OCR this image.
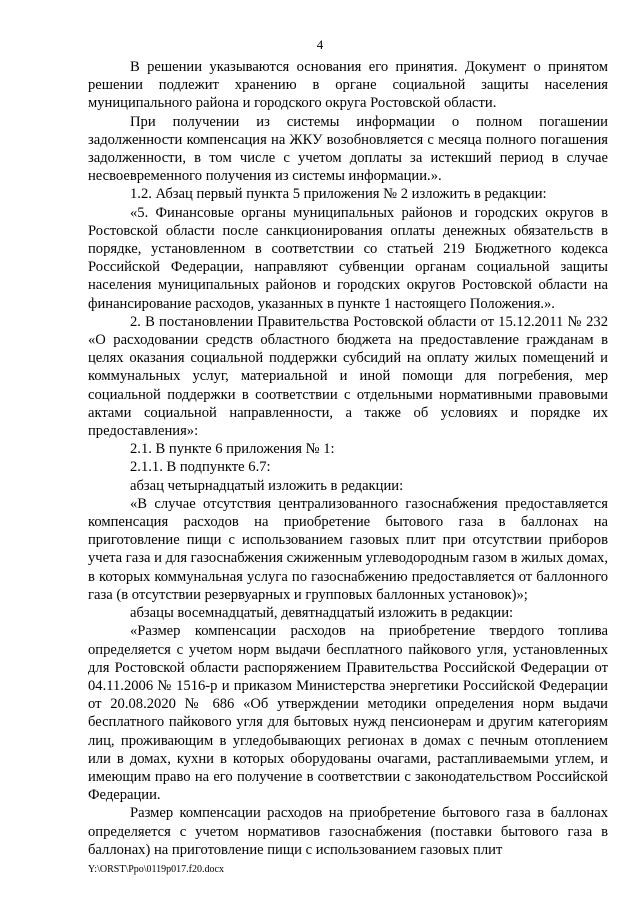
4

В решении указываются основания его принятия. Документ о принятом решении подлежит хранению в органе социальной защиты населения муниципального района и городского округа Ростовской области.

При получении из системы информации о полном погашении задолженности компенсация на ЖКУ возобновляется с месяца полного погашения задолженности, в том числе с учетом доплаты за истекший период в случае несвоевременного получения из системы информации.».

1.2. Абзац первый пункта 5 приложения № 2 изложить в редакции:

«5. Финансовые органы муниципальных районов и городских округов в Ростовской области после санкционирования оплаты денежных обязательств в порядке, установленном в соответствии со статьей 219 Бюджетного кодекса Российской Федерации, направляют субвенции органам социальной защиты населения муниципальных районов и городских округов Ростовской области на финансирование расходов, указанных в пункте 1 настоящего Положения.».

2. В постановлении Правительства Ростовской области от 15.12.2011 № 232 «О расходовании средств областного бюджета на предоставление гражданам в целях оказания социальной поддержки субсидий на оплату жилых помещений и коммунальных услуг, материальной и иной помощи для погребения, мер социальной поддержки в соответствии с отдельными нормативными правовыми актами социальной направленности, а также об условиях и порядке их предоставления»:

2.1. В пункте 6 приложения № 1:

2.1.1. В подпункте 6.7:

абзац четырнадцатый изложить в редакции:

«В случае отсутствия централизованного газоснабжения предоставляется компенсация расходов на приобретение бытового газа в баллонах на приготовление пищи с использованием газовых плит при отсутствии приборов учета газа и для газоснабжения сжиженным углеводородным газом в жилых домах, в которых коммунальная услуга по газоснабжению предоставляется от баллонного газа (в отсутствии резервуарных и групповых баллонных установок)»;

абзацы восемнадцатый, девятнадцатый изложить в редакции:

«Размер компенсации расходов на приобретение твердого топлива определяется с учетом норм выдачи бесплатного пайкового угля, установленных для Ростовской области распоряжением Правительства Российской Федерации от 04.11.2006 № 1516-р и приказом Министерства энергетики Российской Федерации от 20.08.2020 № 686 «Об утверждении методики определения норм выдачи бесплатного пайкового угля для бытовых нужд пенсионерам и другим категориям лиц, проживающим в угледобывающих регионах в домах с печным отоплением или в домах, кухни в которых оборудованы очагами, растапливаемыми углем, и имеющим право на его получение в соответствии с законодательством Российской Федерации.

Размер компенсации расходов на приобретение бытового газа в баллонах определяется с учетом нормативов газоснабжения (поставки бытового газа в баллонах) на приготовление пищи с использованием газовых плит

Y:\ORST\Ppo\0119p017.f20.docx
